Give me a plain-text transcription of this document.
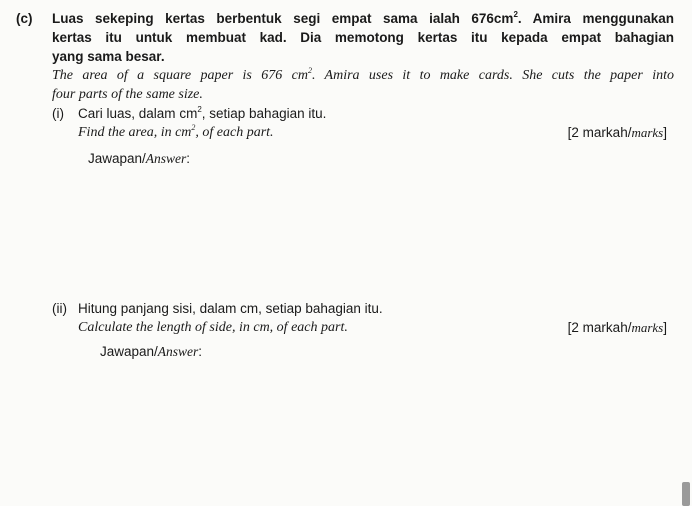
(c) Luas sekeping kertas berbentuk segi empat sama ialah $676cm^2$. Amira menggunakan
kertas itu untuk membuat kad. Dia memotong kertas itu kepada empat bahagian
yang sama besar.
The area of a square paper is 676 $cm^2$. Amira uses it to make cards. She cuts the paper into
four parts of the same size.
(i) Cari luas, dalam $cm^2$, setiap bahagian itu.
Find the area, in $cm^2$, of each part.	[2 markah/marks]
Jawapan/Answer:
(ii) Hitung panjang sisi, dalam cm, setiap bahagian itu.
Calculate the length of side, in cm, of each part.	[2 markah/marks]
Jawapan/Answer:
